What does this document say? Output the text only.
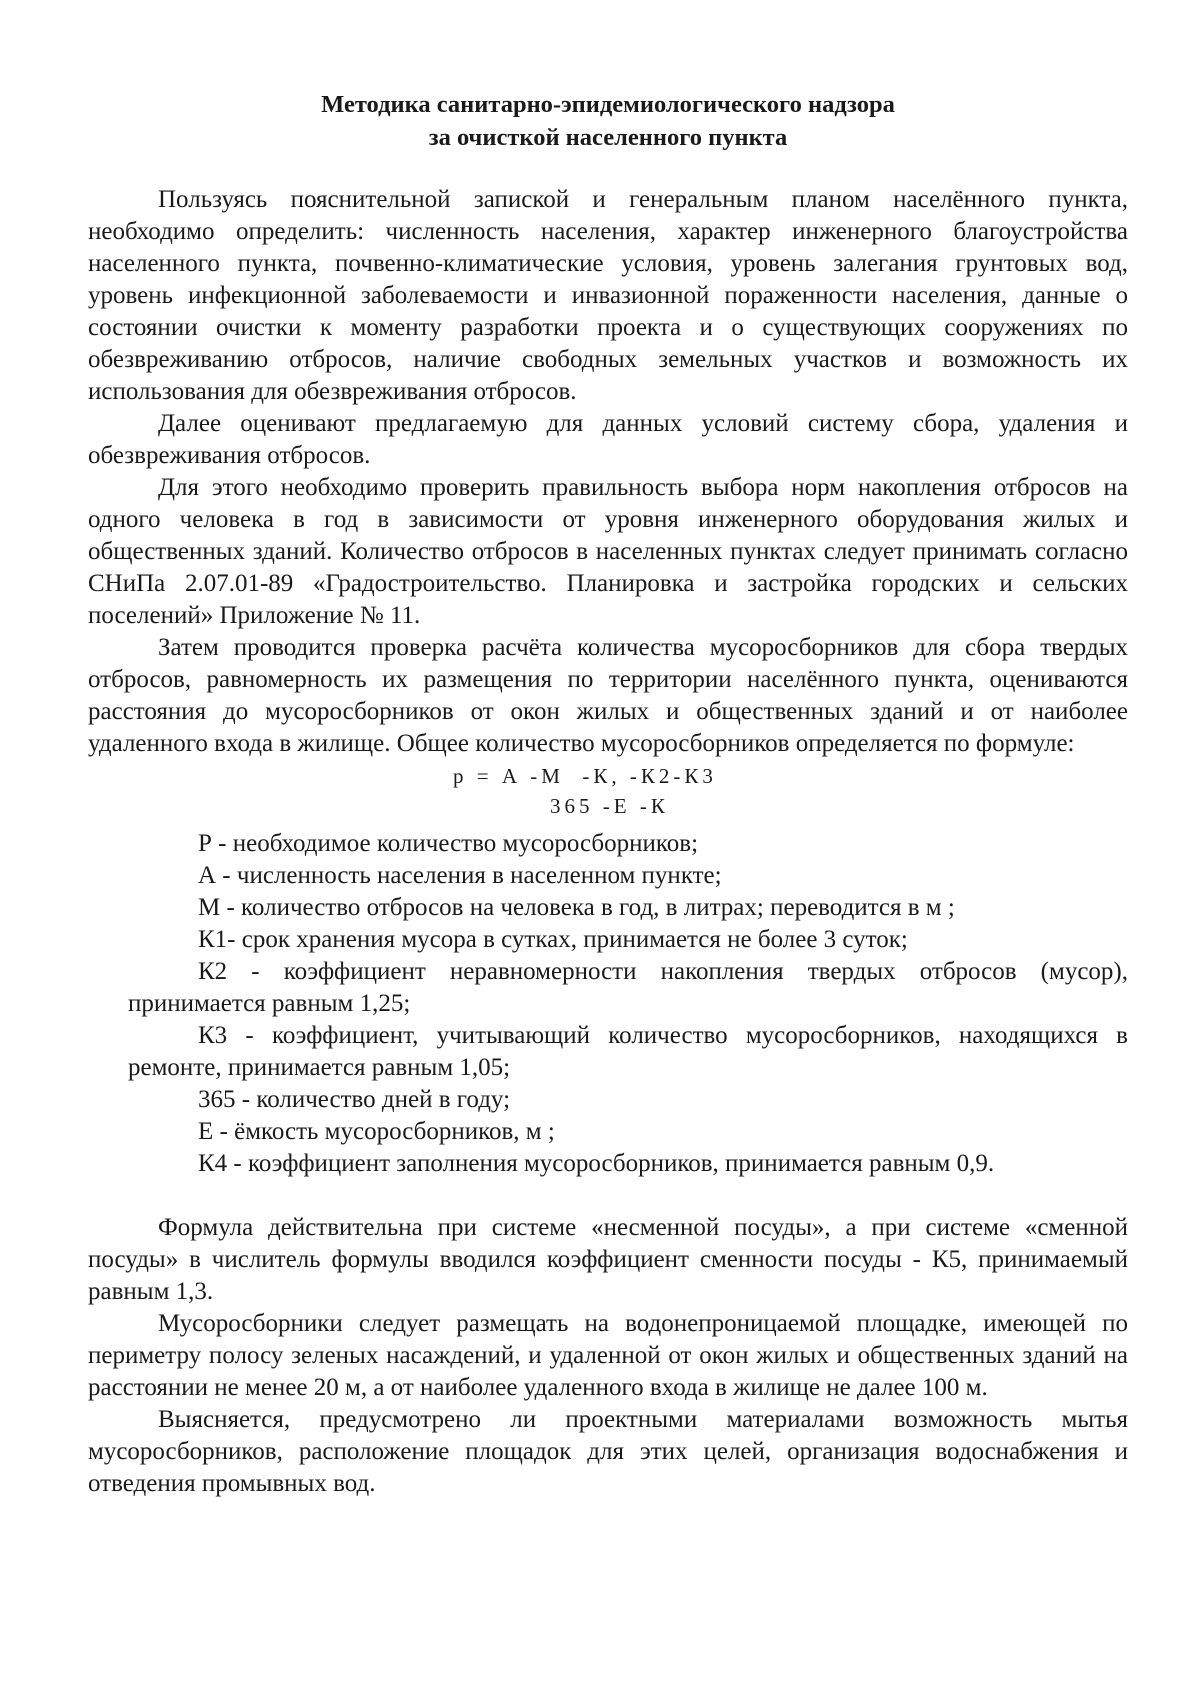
Методика санитарно-эпидемиологического надзора
за очисткой населенного пункта

Пользуясь пояснительной запиской и генеральным планом населённого пункта, необходимо определить: численность населения, характер инженерного благоустройства населенного пункта, почвенно-климатические условия, уровень залегания грунтовых вод, уровень инфекционной заболеваемости и инвазионной пораженности населения, данные о состоянии очистки к моменту разработки проекта и о существующих сооружениях по обезвреживанию отбросов, наличие свободных земельных участков и возможность их использования для обезвреживания отбросов.

Далее оценивают предлагаемую для данных условий систему сбора, удаления и обезвреживания отбросов.

Для этого необходимо проверить правильность выбора норм накопления отбросов на одного человека в год в зависимости от уровня инженерного оборудования жилых и общественных зданий. Количество отбросов в населенных пунктах следует принимать согласно СНиПа 2.07.01-89 «Градостроительство. Планировка и застройка городских и сельских поселений» Приложение № 11.

Затем проводится проверка расчёта количества мусоросборников для сбора твердых отбросов, равномерность их размещения по территории населённого пункта, оцениваются расстояния до мусоросборников от окон жилых и общественных зданий и от наиболее удаленного входа в жилище. Общее количество мусоросборников определяется по формуле:

p = А -М  -К, -К2-К3
365 -Е -К

Р - необходимое количество мусоросборников;

А - численность населения в населенном пункте;

М - количество отбросов на человека в год, в литрах; переводится в м ;

К1- срок хранения мусора в сутках, принимается не более 3 суток;

К2 - коэффициент неравномерности накопления твердых отбросов (мусор), принимается равным 1,25;

К3 - коэффициент, учитывающий количество мусоросборников, находящихся в ремонте, принимается равным 1,05;

365 - количество дней в году;

Е - ёмкость мусоросборников, м ;

К4 - коэффициент заполнения мусоросборников, принимается равным 0,9.

Формула действительна при системе «несменной посуды», а при системе «сменной посуды» в числитель формулы вводился коэффициент сменности посуды - К5, принимаемый равным 1,3.

Мусоросборники следует размещать на водонепроницаемой площадке, имеющей по периметру полосу зеленых насаждений, и удаленной от окон жилых и общественных зданий на расстоянии не менее 20 м, а от наиболее удаленного входа в жилище не далее 100 м.

Выясняется, предусмотрено ли проектными материалами возможность мытья мусоросборников, расположение площадок для этих целей, организация водоснабжения и отведения промывных вод.
